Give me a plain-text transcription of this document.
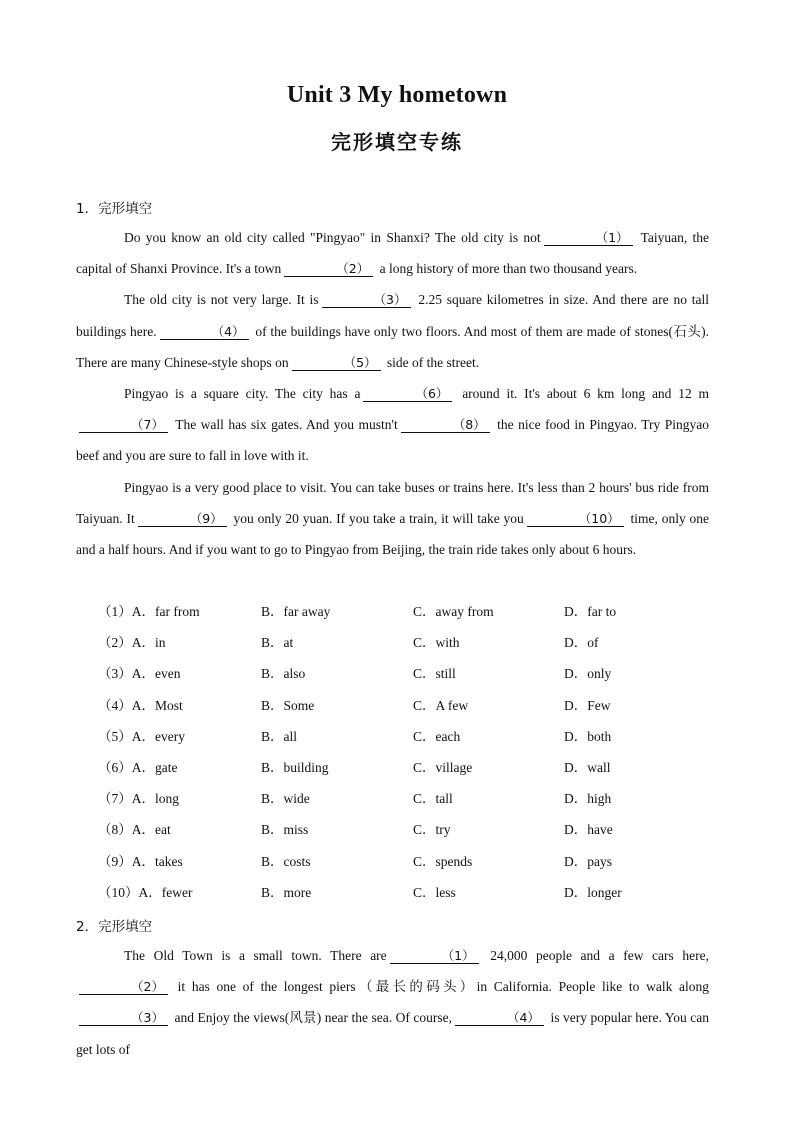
Unit 3 My hometown
完形填空专练
1．完形填空

Do you know an old city called "Pingyao" in Shanxi? The old city is not	（1） Taiyuan, the capital of Shanxi Province. It's a town	（2） a long history of more than two thousand years.

The old city is not very large. It is	（3） 2.25 square kilometres in size. And there are no tall buildings here.	（4） of the buildings have only two floors. And most of them are made of stones(石头). There are many Chinese-style shops on	（5） side of the street.

Pingyao is a square city. The city has a	（6） around it. It's about 6 km long and 12 m（7） The wall has six gates. And you mustn't	（8） the nice food in Pingyao. Try Pingyao beef and you are sure to fall in love with it.

Pingyao is a very good place to visit. You can take buses or trains here. It's less than 2 hours' bus ride from Taiyuan. It	（9） you only 20 yuan. If you take a train, it will take you	（10） time, only one and a half hours. And if you want to go to Pingyao from Beijing, the train ride takes only about 6 hours.

（1）A．far from	B．far away	C．away from	D．far to
（2）A．in	B．at	C．with	D．of
（3）A．even	B．also	C．still	D．only
（4）A．Most	B．Some	C．A few	D．Few
（5）A．every	B．all	C．each	D．both
（6）A．gate	B．building	C．village	D．wall
（7）A．long	B．wide	C．tall	D．high
（8）A．eat	B．miss	C．try	D．have
（9）A．takes	B．costs	C．spends	D．pays
（10）A．fewer	B．more	C．less	D．longer
2．完形填空

The Old Town is a small town. There are	（1） 24,000 people and a few cars here,（2） it has one of the longest piers（最长的码头）in California. People like to walk along（3） and Enjoy the views(风景) near the sea. Of course,	（4） is very popular here. You can get lots of
